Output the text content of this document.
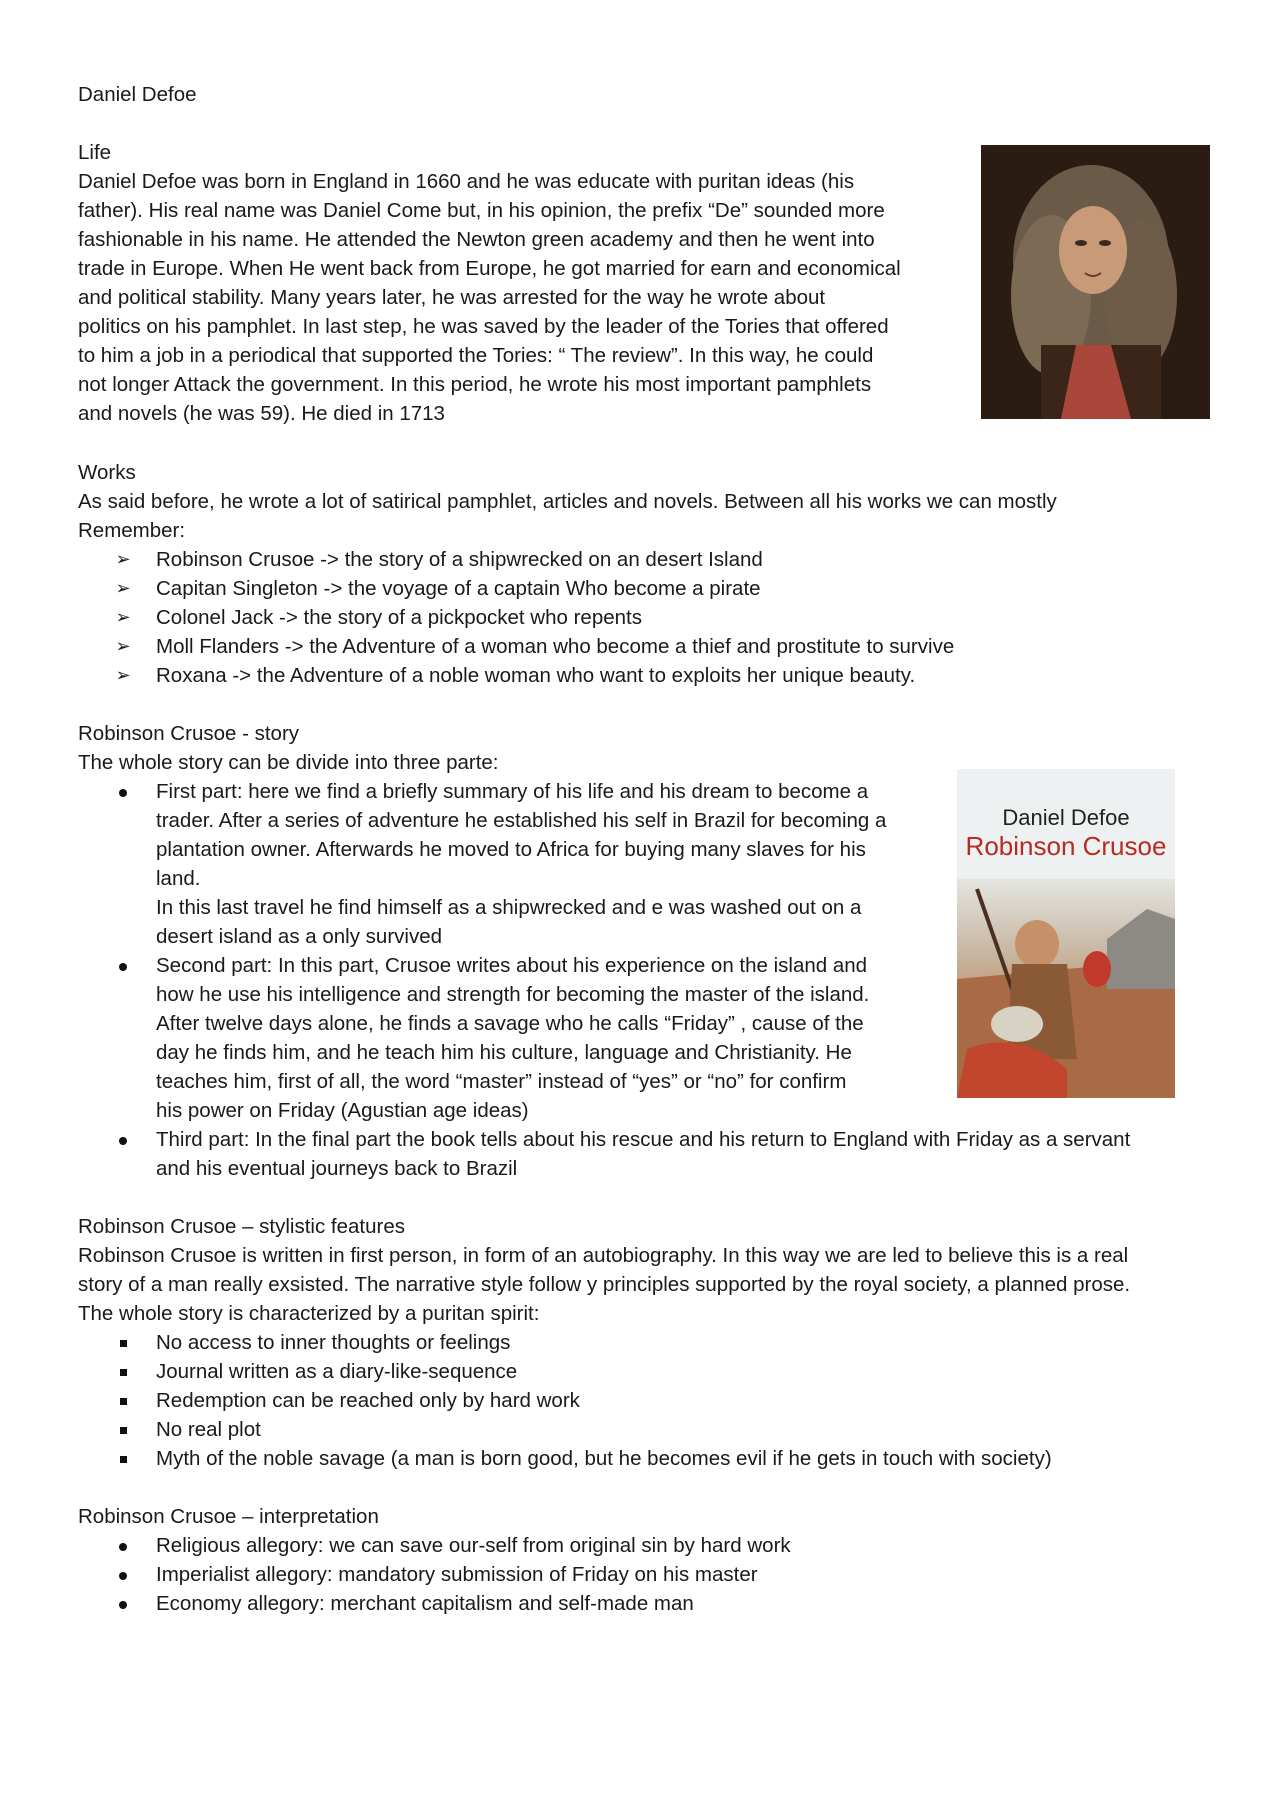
Daniel Defoe

Life

Daniel Defoe was born in England in 1660 and he was educate with puritan ideas (his
father). His real name was Daniel Come but, in his opinion, the prefix “De” sounded more
fashionable in his name. He attended the Newton green academy and then he went into
trade in Europe. When He went back from Europe, he got married for earn and economical
and political stability. Many years later, he was arrested for the way he wrote about
politics on his pamphlet. In last step, he was saved by the leader of the Tories that offered
to him a job in a periodical that supported the Tories: “ The review”. In this way, he could
not longer Attack the government. In this period, he wrote his most important pamphlets
and novels (he was 59). He died in 1713

Works

As said before, he wrote a lot of satirical pamphlet, articles and novels. Between all his works we can mostly
Remember:
➢ Robinson Crusoe -> the story of a shipwrecked on an desert Island
➢ Capitan Singleton -> the voyage of a captain Who become a pirate
➢ Colonel Jack -> the story of a pickpocket who repents
➢ Moll Flanders -> the Adventure of a woman who become a thief and prostitute to survive
➢ Roxana -> the Adventure of a noble woman who want to exploits her unique beauty.

Robinson Crusoe - story

The whole story can be divide into three parte:

First part: here we find a briefly summary of his life and his dream to become a
trader. After a series of adventure he established his self in Brazil for becoming a
plantation owner. Afterwards he moved to Africa for buying many slaves for his
land.
In this last travel he find himself as a shipwrecked and e was washed out on a
desert island as a only survived
Second part: In this part, Crusoe writes about his experience on the island and
how he use his intelligence and strength for becoming the master of the island.
After twelve days alone, he finds a savage who he calls “Friday” , cause of the
day he finds him, and he teach him his culture, language and Christianity. He
teaches him, first of all, the word “master” instead of “yes” or “no” for confirm
his power on Friday (Agustian age ideas)
Third part: In the final part the book tells about his rescue and his return to England with Friday as a servant
and his eventual journeys back to Brazil
Daniel Defoe
Robinson Crusoe

Robinson Crusoe – stylistic features

Robinson Crusoe is written in first person, in form of an autobiography. In this way we are led to believe this is a real
story of a man really exsisted. The narrative style follow y principles supported by the royal society, a planned prose.
The whole story is characterized by a puritan spirit:
No access to inner thoughts or feelings
Journal written as a diary-like-sequence
Redemption can be reached only by hard work
No real plot
Myth of the noble savage (a man is born good, but he becomes evil if he gets in touch with society)

Robinson Crusoe – interpretation

Religious allegory: we can save our-self from original sin by hard work
Imperialist allegory: mandatory submission of Friday on his master
Economy allegory: merchant capitalism and self-made man
